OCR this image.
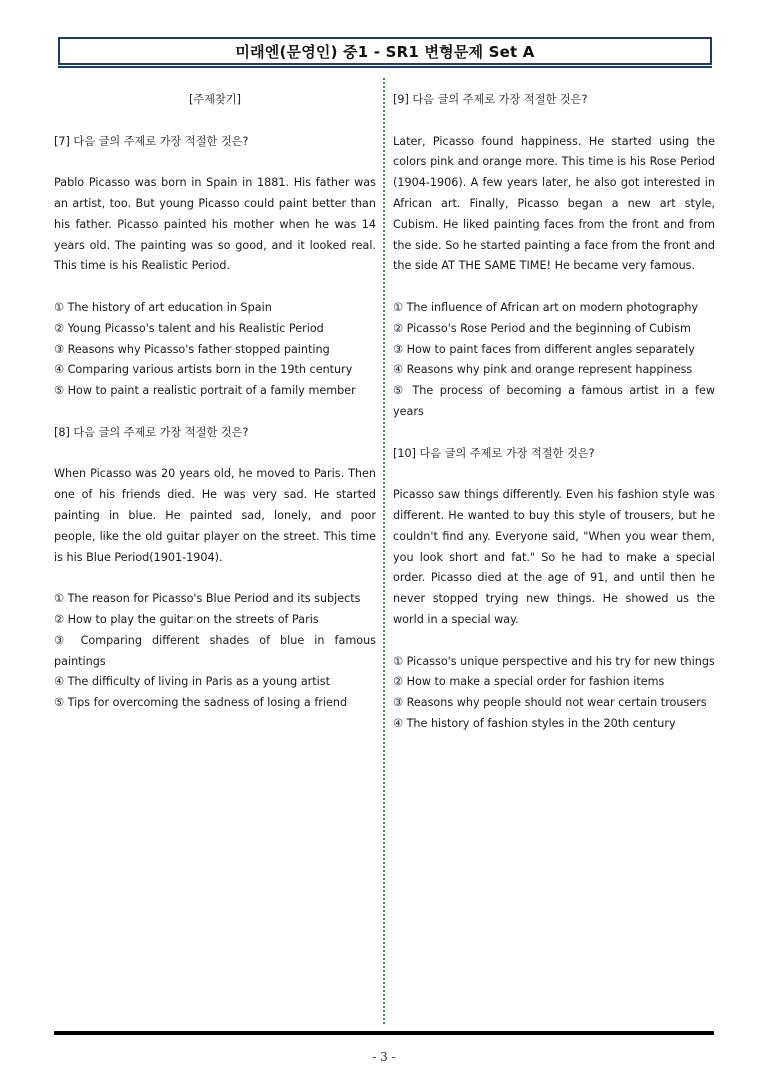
미래엔(문영인) 중1 - SR1 변형문제 Set A

[주제찾기]

[7] 다음 글의 주제로 가장 적절한 것은?

Pablo Picasso was born in Spain in 1881. His father was an artist, too. But young Picasso could paint better than his father. Picasso painted his mother when he was 14 years old. The painting was so good, and it looked real. This time is his Realistic Period.

① The history of art education in Spain

② Young Picasso's talent and his Realistic Period

③ Reasons why Picasso's father stopped painting

④ Comparing various artists born in the 19th century

⑤ How to paint a realistic portrait of a family member

[8] 다음 글의 주제로 가장 적절한 것은?

When Picasso was 20 years old, he moved to Paris. Then one of his friends died. He was very sad. He started painting in blue. He painted sad, lonely, and poor people, like the old guitar player on the street. This time is his Blue Period(1901-1904).

① The reason for Picasso's Blue Period and its subjects

② How to play the guitar on the streets of Paris

③ Comparing different shades of blue in famous paintings

④ The difficulty of living in Paris as a young artist

⑤ Tips for overcoming the sadness of losing a friend

[9] 다음 글의 주제로 가장 적절한 것은?

Later, Picasso found happiness. He started using the colors pink and orange more. This time is his Rose Period (1904-1906). A few years later, he also got interested in African art. Finally, Picasso began a new art style, Cubism. He liked painting faces from the front and from the side. So he started painting a face from the front and the side AT THE SAME TIME! He became very famous.

① The influence of African art on modern photography

② Picasso's Rose Period and the beginning of Cubism

③ How to paint faces from different angles separately

④ Reasons why pink and orange represent happiness

⑤ The process of becoming a famous artist in a few years

[10] 다음 글의 주제로 가장 적절한 것은?

Picasso saw things differently. Even his fashion style was different. He wanted to buy this style of trousers, but he couldn't find any. Everyone said, "When you wear them, you look short and fat." So he had to make a special order. Picasso died at the age of 91, and until then he never stopped trying new things. He showed us the world in a special way.

① Picasso's unique perspective and his try for new things

② How to make a special order for fashion items

③ Reasons why people should not wear certain trousers

④ The history of fashion styles in the 20th century

- 3 -
